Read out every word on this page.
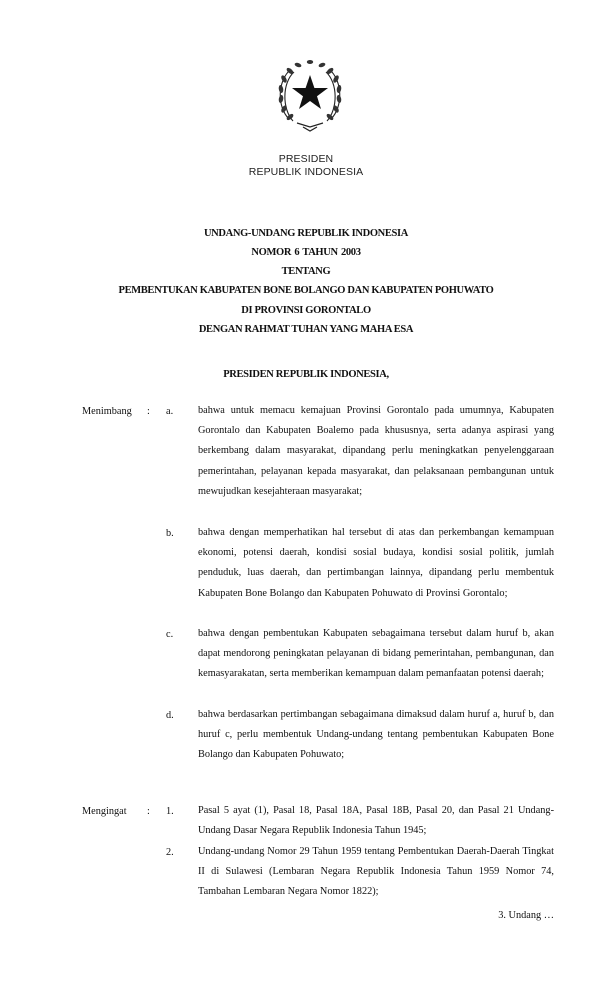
PRESIDEN
REPUBLIK INDONESIA
UNDANG-UNDANG REPUBLIK INDONESIA
NOMOR 6 TAHUN 2003
TENTANG
PEMBENTUKAN KABUPATEN BONE BOLANGO DAN KABUPATEN POHUWATO
DI PROVINSI GORONTALO
DENGAN RAHMAT TUHAN YANG MAHA ESA
PRESIDEN REPUBLIK INDONESIA,
Menimbang : a. bahwa untuk memacu kemajuan Provinsi Gorontalo pada umumnya, Kabupaten Gorontalo dan Kabupaten Boalemo pada khususnya, serta adanya aspirasi yang berkembang dalam masyarakat, dipandang perlu meningkatkan penyelenggaraan pemerintahan, pelayanan kepada masyarakat, dan pelaksanaan pembangunan untuk mewujudkan kesejahteraan masyarakat;
b. bahwa dengan memperhatikan hal tersebut di atas dan perkembangan kemampuan ekonomi, potensi daerah, kondisi sosial budaya, kondisi sosial politik, jumlah penduduk, luas daerah, dan pertimbangan lainnya, dipandang perlu membentuk Kabupaten Bone Bolango dan Kabupaten Pohuwato di Provinsi Gorontalo;
c. bahwa dengan pembentukan Kabupaten sebagaimana tersebut dalam huruf b, akan dapat mendorong peningkatan pelayanan di bidang pemerintahan, pembangunan, dan kemasyarakatan, serta memberikan kemampuan dalam pemanfaatan potensi daerah;
d. bahwa berdasarkan pertimbangan sebagaimana dimaksud dalam huruf a, huruf b, dan huruf c, perlu membentuk Undang-undang tentang pembentukan Kabupaten Bone Bolango dan Kabupaten Pohuwato;
Mengingat : 1. Pasal 5 ayat (1), Pasal 18, Pasal 18A, Pasal 18B, Pasal 20, dan Pasal 21 Undang-Undang Dasar Negara Republik Indonesia Tahun 1945;
2. Undang-undang Nomor 29 Tahun 1959 tentang Pembentukan Daerah-Daerah Tingkat II di Sulawesi (Lembaran Negara Republik Indonesia Tahun 1959 Nomor 74, Tambahan Lembaran Negara Nomor 1822);
3. Undang …
